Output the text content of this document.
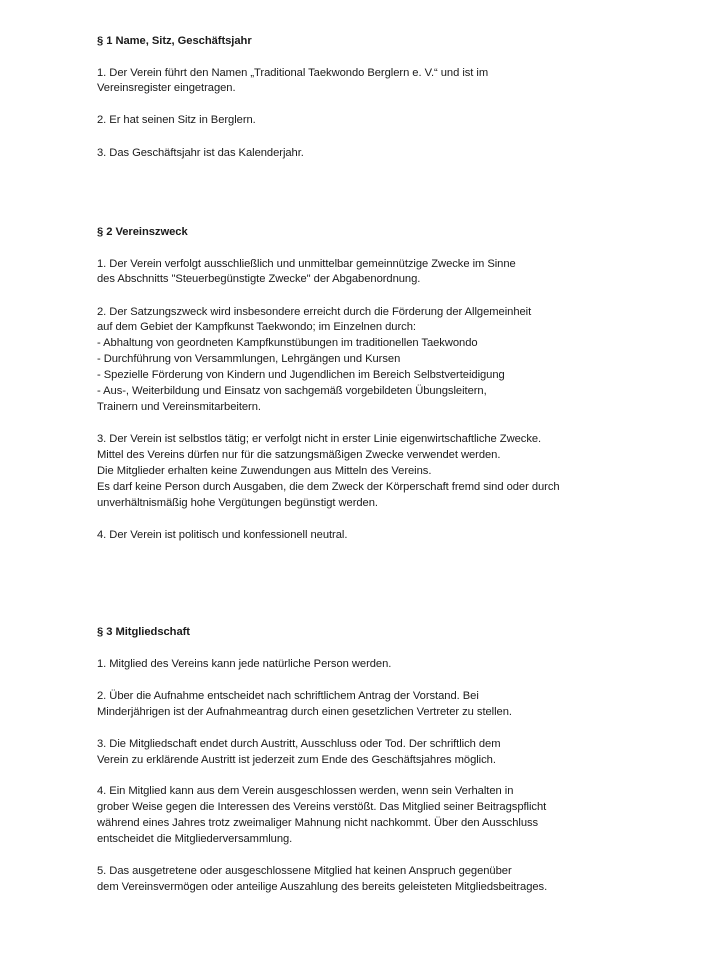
§ 1 Name, Sitz, Geschäftsjahr
1. Der Verein führt den Namen „Traditional Taekwondo Berglern e. V.“ und ist im
Vereinsregister eingetragen.
2. Er hat seinen Sitz in Berglern.
3. Das Geschäftsjahr ist das Kalenderjahr.
§ 2 Vereinszweck
1. Der Verein verfolgt ausschließlich und unmittelbar gemeinnützige Zwecke im Sinne
des Abschnitts "Steuerbegünstigte Zwecke" der Abgabenordnung.
2. Der Satzungszweck wird insbesondere erreicht durch die Förderung der Allgemeinheit
auf dem Gebiet der Kampfkunst Taekwondo; im Einzelnen durch:
- Abhaltung von geordneten Kampfkunstübungen im traditionellen Taekwondo
- Durchführung von Versammlungen, Lehrgängen und Kursen
- Spezielle Förderung von Kindern und Jugendlichen im Bereich Selbstverteidigung
- Aus-, Weiterbildung und Einsatz von sachgemäß vorgebildeten Übungsleitern,
Trainern und Vereinsmitarbeitern.
3. Der Verein ist selbstlos tätig; er verfolgt nicht in erster Linie eigenwirtschaftliche Zwecke.
Mittel des Vereins dürfen nur für die satzungsmäßigen Zwecke verwendet werden.
Die Mitglieder erhalten keine Zuwendungen aus Mitteln des Vereins.
Es darf keine Person durch Ausgaben, die dem Zweck der Körperschaft fremd sind oder durch
unverhältnismäßig hohe Vergütungen begünstigt werden.
4. Der Verein ist politisch und konfessionell neutral.
§ 3 Mitgliedschaft
1. Mitglied des Vereins kann jede natürliche Person werden.
2. Über die Aufnahme entscheidet nach schriftlichem Antrag der Vorstand. Bei
Minderjährigen ist der Aufnahmeantrag durch einen gesetzlichen Vertreter zu stellen.
3. Die Mitgliedschaft endet durch Austritt, Ausschluss oder Tod. Der schriftlich dem
Verein zu erklärende Austritt ist jederzeit zum Ende des Geschäftsjahres möglich.
4. Ein Mitglied kann aus dem Verein ausgeschlossen werden, wenn sein Verhalten in
grober Weise gegen die Interessen des Vereins verstößt. Das Mitglied seiner Beitragspflicht
während eines Jahres trotz zweimaliger Mahnung nicht nachkommt. Über den Ausschluss
entscheidet die Mitgliederversammlung.
5. Das ausgetretene oder ausgeschlossene Mitglied hat keinen Anspruch gegenüber
dem Vereinsvermögen oder anteilige Auszahlung des bereits geleisteten Mitgliedsbeitrages.
